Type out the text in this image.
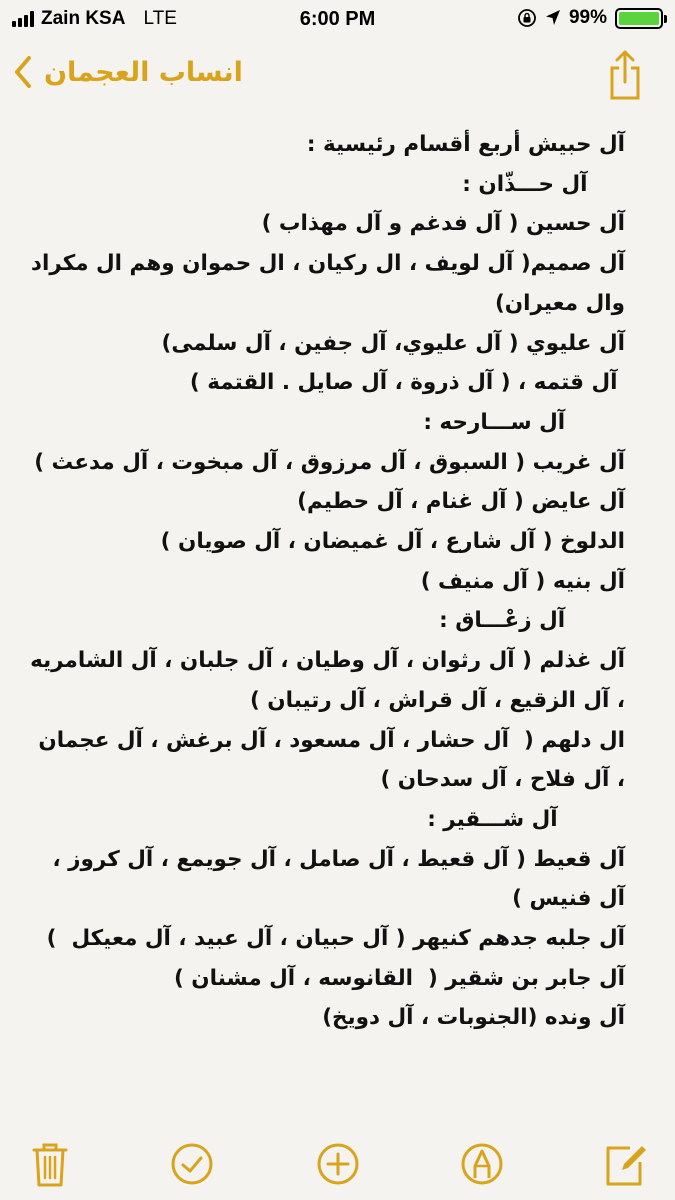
Zain KSA LTE	6:00 PM	99%
انساب العجمان
آل حبيش أربع أقسام رئيسية :
آل حـــذّان :
آل حسين ( آل فدغم و آل مهذاب )
آل صميم( آل لويف ، ال ركيان ، ال حموان وهم ال مكراد وال معيران)
آل عليوي ( آل عليوي، آل جفين ، آل سلمى)
آل قتمه ، ( آل ذروة ، آل صايل . القتمة )
آل ســـارحه :
آل غريب ( السبوق ، آل مرزوق ، آل مبخوت ، آل مدعث )
آل عايض ( آل غنام ، آل حطيم)
الدلوخ ( آل شارع ، آل غميضان ، آل صويان )
آل بنيه ( آل منيف )
آل زعْـــاق :
آل غذلم ( آل رثوان ، آل وطيان ، آل جلبان ، آل الشامريه ، آل الزقيع ، آل قراش ، آل رتيبان )
ال دلهم (  آل حشار ، آل مسعود ، آل برغش ، آل عجمان ، آل فلاح ، آل سدحان )
آل شـــقير :
آل قعيط ( آل قعيط ، آل صامل ، آل جويمع ، آل كروز ، آل فنيس )
آل جلبه جدهم كنيهر ( آل حبيان ، آل عبيد ، آل معيكل  )
آل جابر بن شقير (  القانوسه ، آل مشنان )
آل ونده (الجنوبات ، آل دويخ)
